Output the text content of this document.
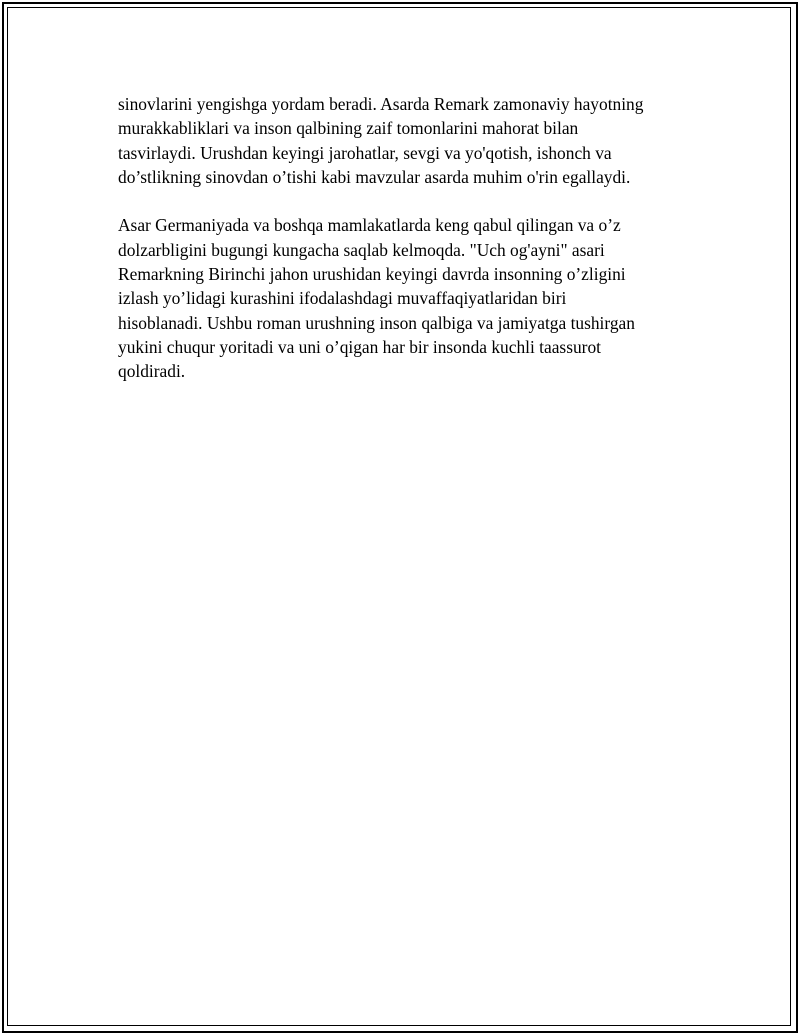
sinovlarini yengishga yordam beradi. Asarda Remark zamonaviy hayotning
murakkabliklari va inson qalbining zaif tomonlarini mahorat bilan
tasvirlaydi. Urushdan keyingi jarohatlar, sevgi va yo'qotish, ishonch va
do’stlikning sinovdan o’tishi kabi mavzular asarda muhim o'rin egallaydi.

Asar Germaniyada va boshqa mamlakatlarda keng qabul qilingan va o’z
dolzarbligini bugungi kungacha saqlab kelmoqda. "Uch og'ayni" asari
Remarkning Birinchi jahon urushidan keyingi davrda insonning o’zligini
izlash yo’lidagi kurashini ifodalashdagi muvaffaqiyatlaridan biri
hisoblanadi. Ushbu roman urushning inson qalbiga va jamiyatga tushirgan
yukini chuqur yoritadi va uni o’qigan har bir insonda kuchli taassurot
qoldiradi.
